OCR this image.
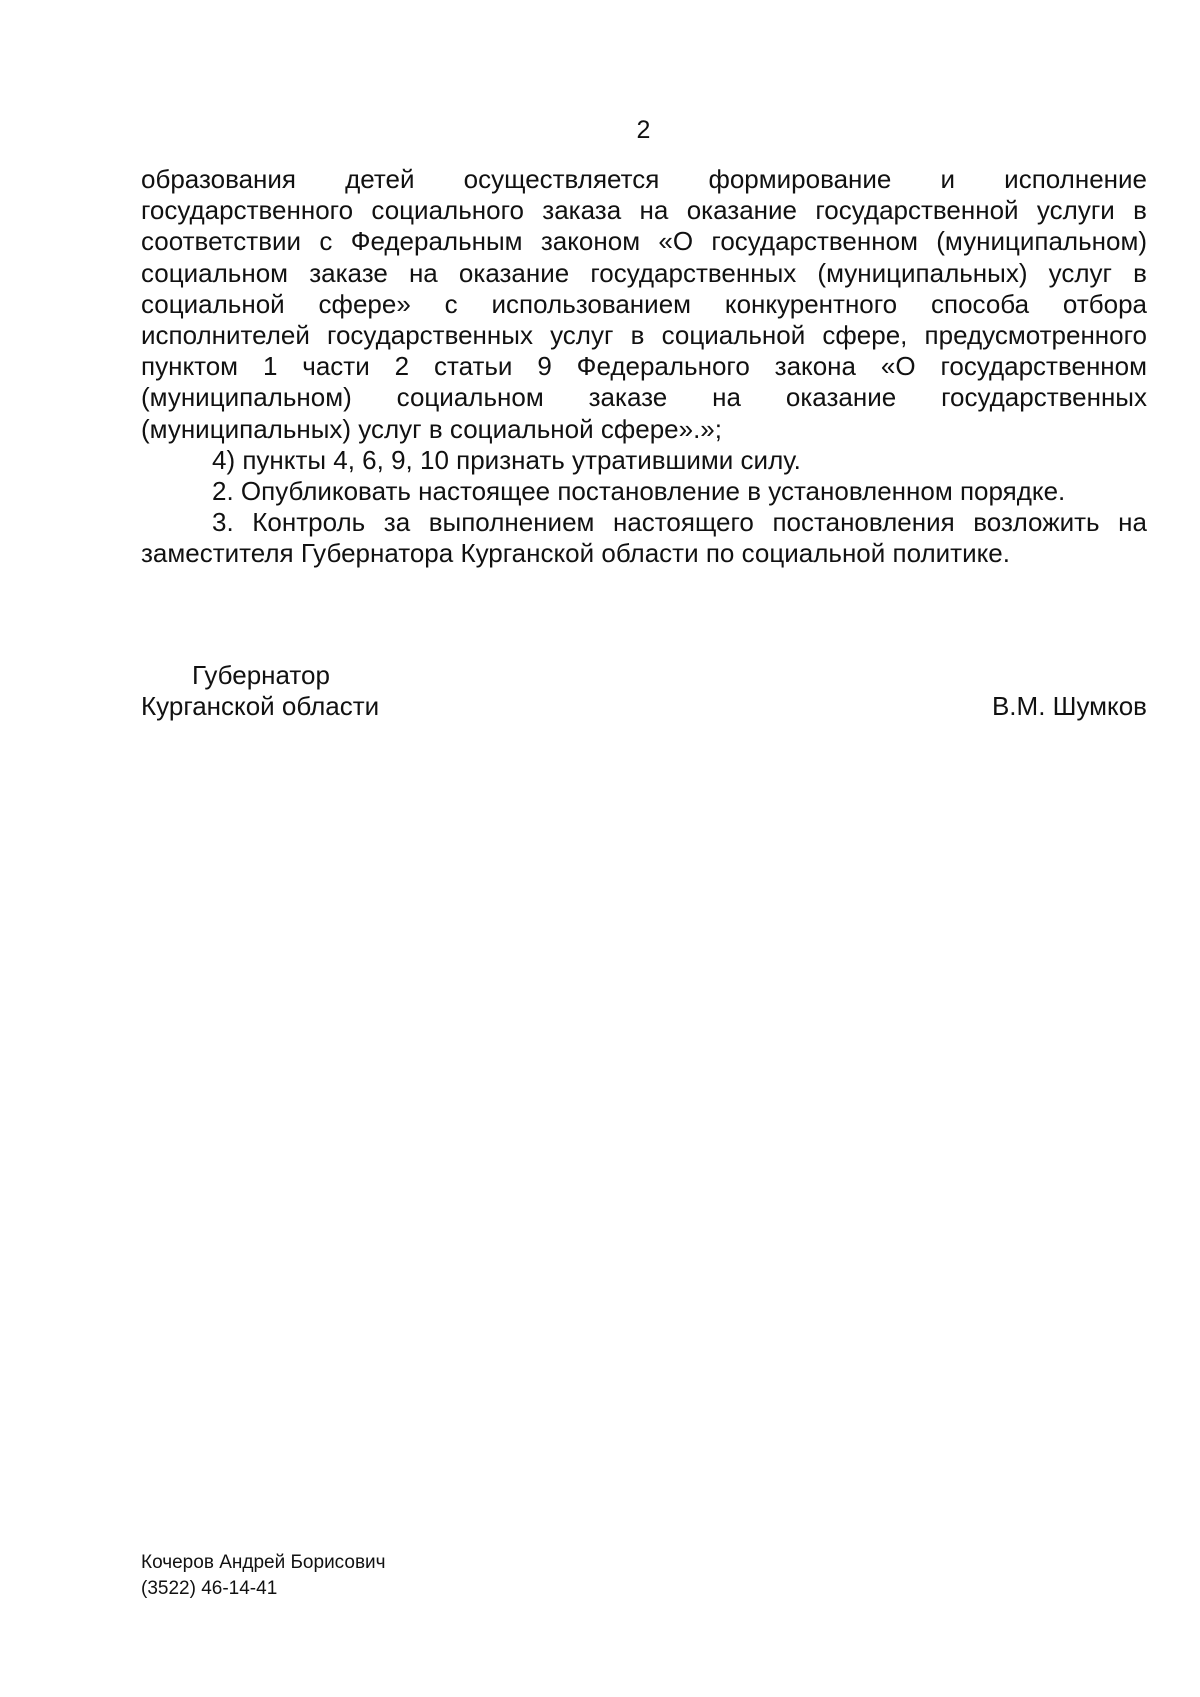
2

образования детей осуществляется формирование и исполнение государственного социального заказа на оказание государственной услуги в соответствии с Федеральным законом «О государственном (муниципальном) социальном заказе на оказание государственных (муниципальных) услуг в социальной сфере» с использованием конкурентного способа отбора исполнителей государственных услуг в социальной сфере, предусмотренного пунктом 1 части 2 статьи 9 Федерального закона «О государственном (муниципальном) социальном заказе на оказание государственных (муниципальных) услуг в социальной сфере».»;

4) пункты 4, 6, 9, 10 признать утратившими силу.

2. Опубликовать настоящее постановление в установленном порядке.

3. Контроль за выполнением настоящего постановления возложить на заместителя Губернатора Курганской области по социальной политике.

Губернатор
Курганской области	В.М. Шумков
Кочеров Андрей Борисович
(3522) 46-14-41
